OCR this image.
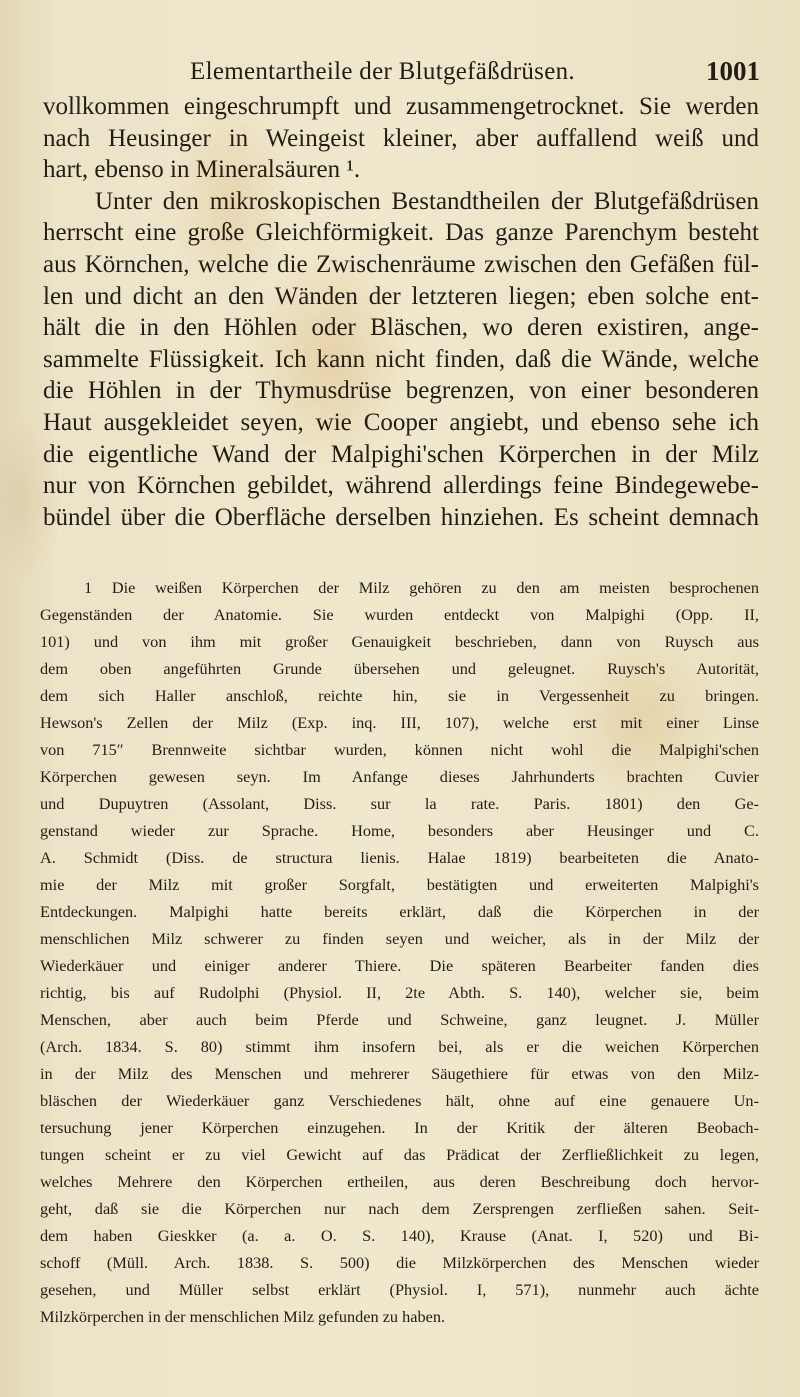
Elementartheile der Blutgefäßdrüsen.	1001
vollkommen eingeschrumpft und zusammengetrocknet. Sie werden
nach Heusinger in Weingeist kleiner, aber auffallend weiß und
hart, ebenso in Mineralsäuren ¹.
Unter den mikroskopischen Bestandtheilen der Blutgefäßdrüsen
herrscht eine große Gleichförmigkeit. Das ganze Parenchym besteht
aus Körnchen, welche die Zwischenräume zwischen den Gefäßen fül-
len und dicht an den Wänden der letzteren liegen; eben solche ent-
hält die in den Höhlen oder Bläschen, wo deren existiren, ange-
sammelte Flüssigkeit. Ich kann nicht finden, daß die Wände, welche
die Höhlen in der Thymusdrüse begrenzen, von einer besonderen
Haut ausgekleidet seyen, wie Cooper angiebt, und ebenso sehe ich
die eigentliche Wand der Malpighi'schen Körperchen in der Milz
nur von Körnchen gebildet, während allerdings feine Bindegewebe-
bündel über die Oberfläche derselben hinziehen. Es scheint demnach
1 Die weißen Körperchen der Milz gehören zu den am meisten besprochenen
Gegenständen der Anatomie. Sie wurden entdeckt von Malpighi (Opp. II,
101) und von ihm mit großer Genauigkeit beschrieben, dann von Ruysch aus
dem oben angeführten Grunde übersehen und geleugnet. Ruysch's Autorität,
dem sich Haller anschloß, reichte hin, sie in Vergessenheit zu bringen.
Hewson's Zellen der Milz (Exp. inq. III, 107), welche erst mit einer Linse
von 715″ Brennweite sichtbar wurden, können nicht wohl die Malpighi'schen
Körperchen gewesen seyn. Im Anfange dieses Jahrhunderts brachten Cuvier
und Dupuytren (Assolant, Diss. sur la rate. Paris. 1801) den Ge-
genstand wieder zur Sprache. Home, besonders aber Heusinger und C.
A. Schmidt (Diss. de structura lienis. Halae 1819) bearbeiteten die Anato-
mie der Milz mit großer Sorgfalt, bestätigten und erweiterten Malpighi's
Entdeckungen. Malpighi hatte bereits erklärt, daß die Körperchen in der
menschlichen Milz schwerer zu finden seyen und weicher, als in der Milz der
Wiederkäuer und einiger anderer Thiere. Die späteren Bearbeiter fanden dies
richtig, bis auf Rudolphi (Physiol. II, 2te Abth. S. 140), welcher sie, beim
Menschen, aber auch beim Pferde und Schweine, ganz leugnet. J. Müller
(Arch. 1834. S. 80) stimmt ihm insofern bei, als er die weichen Körperchen
in der Milz des Menschen und mehrerer Säugethiere für etwas von den Milz-
bläschen der Wiederkäuer ganz Verschiedenes hält, ohne auf eine genauere Un-
tersuchung jener Körperchen einzugehen. In der Kritik der älteren Beobach-
tungen scheint er zu viel Gewicht auf das Prädicat der Zerfließlichkeit zu legen,
welches Mehrere den Körperchen ertheilen, aus deren Beschreibung doch hervor-
geht, daß sie die Körperchen nur nach dem Zersprengen zerfließen sahen. Seit-
dem haben Gieskker (a. a. O. S. 140), Krause (Anat. I, 520) und Bi-
schoff (Müll. Arch. 1838. S. 500) die Milzkörperchen des Menschen wieder
gesehen, und Müller selbst erklärt (Physiol. I, 571), nunmehr auch ächte
Milzkörperchen in der menschlichen Milz gefunden zu haben.
